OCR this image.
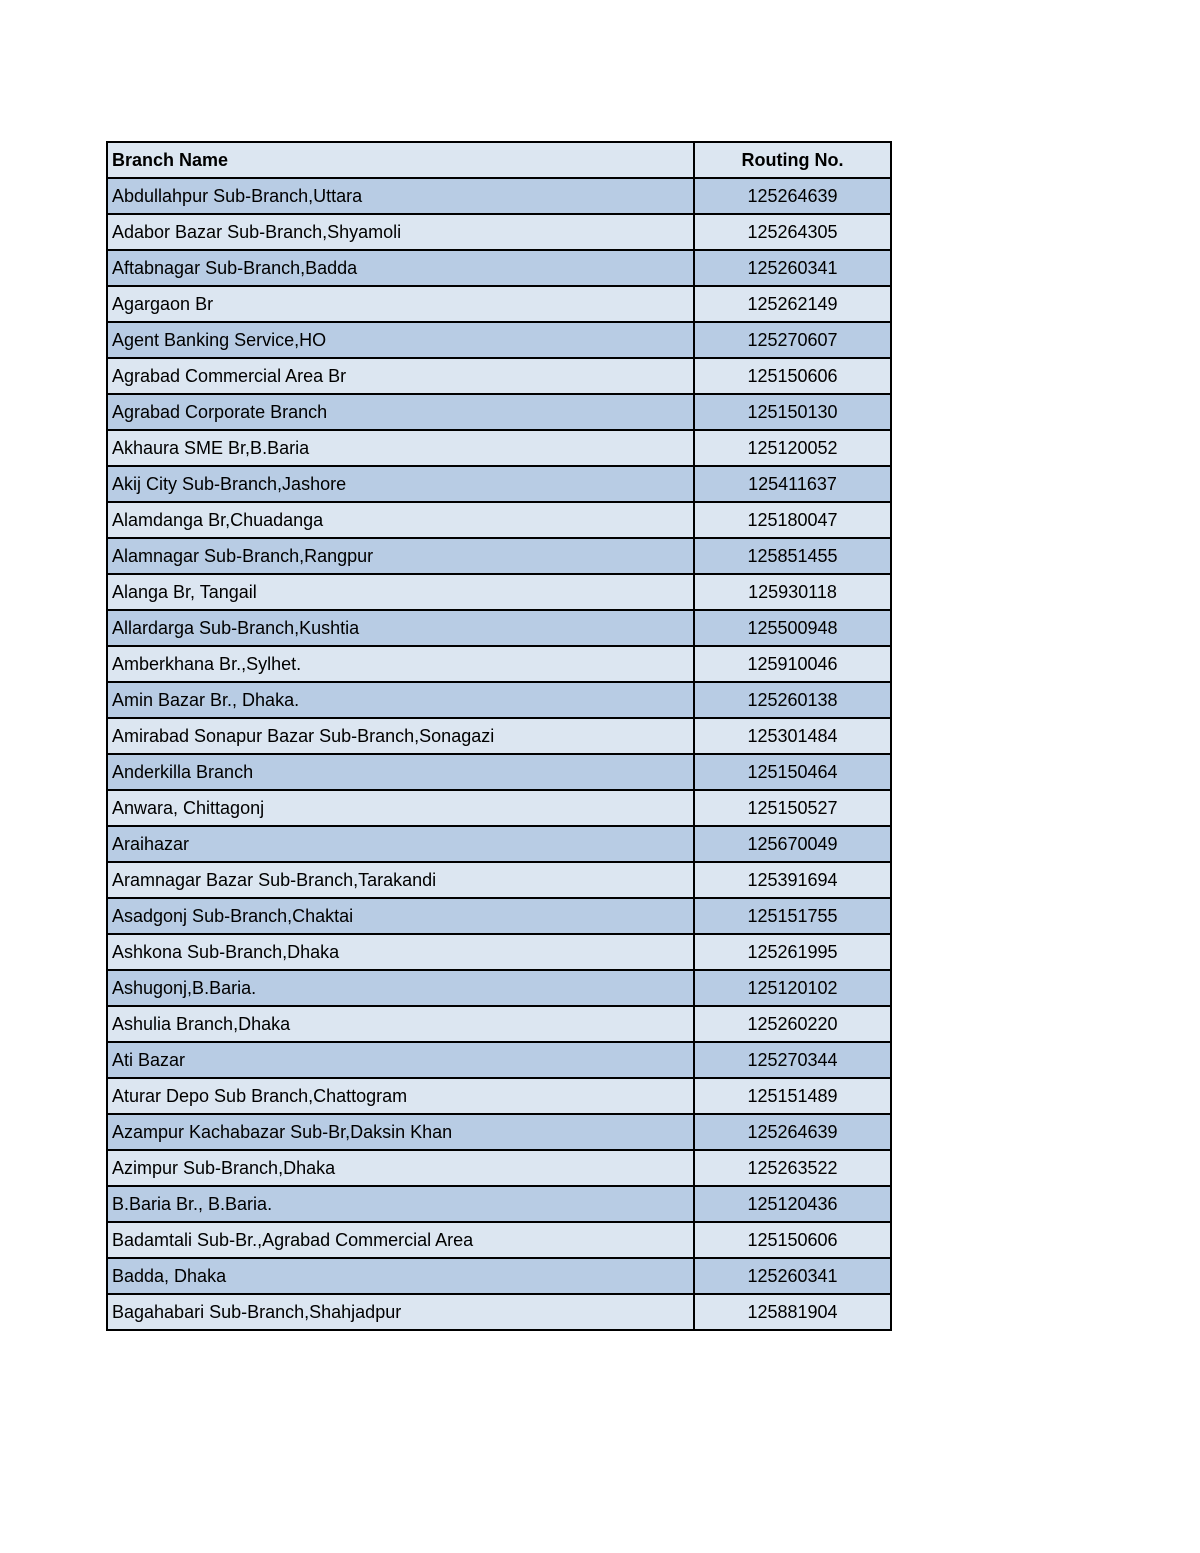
Branch Name	Routing No.
Abdullahpur Sub-Branch,Uttara	125264639
Adabor Bazar Sub-Branch,Shyamoli	125264305
Aftabnagar Sub-Branch,Badda	125260341
Agargaon Br	125262149
Agent Banking Service,HO	125270607
Agrabad Commercial Area Br	125150606
Agrabad Corporate Branch	125150130
Akhaura SME Br,B.Baria	125120052
Akij City Sub-Branch,Jashore	125411637
Alamdanga Br,Chuadanga	125180047
Alamnagar Sub-Branch,Rangpur	125851455
Alanga Br, Tangail	125930118
Allardarga Sub-Branch,Kushtia	125500948
Amberkhana Br.,Sylhet.	125910046
Amin Bazar Br., Dhaka.	125260138
Amirabad Sonapur Bazar Sub-Branch,Sonagazi	125301484
Anderkilla Branch	125150464
Anwara, Chittagonj	125150527
Araihazar	125670049
Aramnagar Bazar Sub-Branch,Tarakandi	125391694
Asadgonj Sub-Branch,Chaktai	125151755
Ashkona Sub-Branch,Dhaka	125261995
Ashugonj,B.Baria.	125120102
Ashulia Branch,Dhaka	125260220
Ati Bazar	125270344
Aturar Depo Sub Branch,Chattogram	125151489
Azampur Kachabazar Sub-Br,Daksin Khan	125264639
Azimpur Sub-Branch,Dhaka	125263522
B.Baria Br., B.Baria.	125120436
Badamtali Sub-Br.,Agrabad Commercial Area	125150606
Badda, Dhaka	125260341
Bagahabari Sub-Branch,Shahjadpur	125881904
